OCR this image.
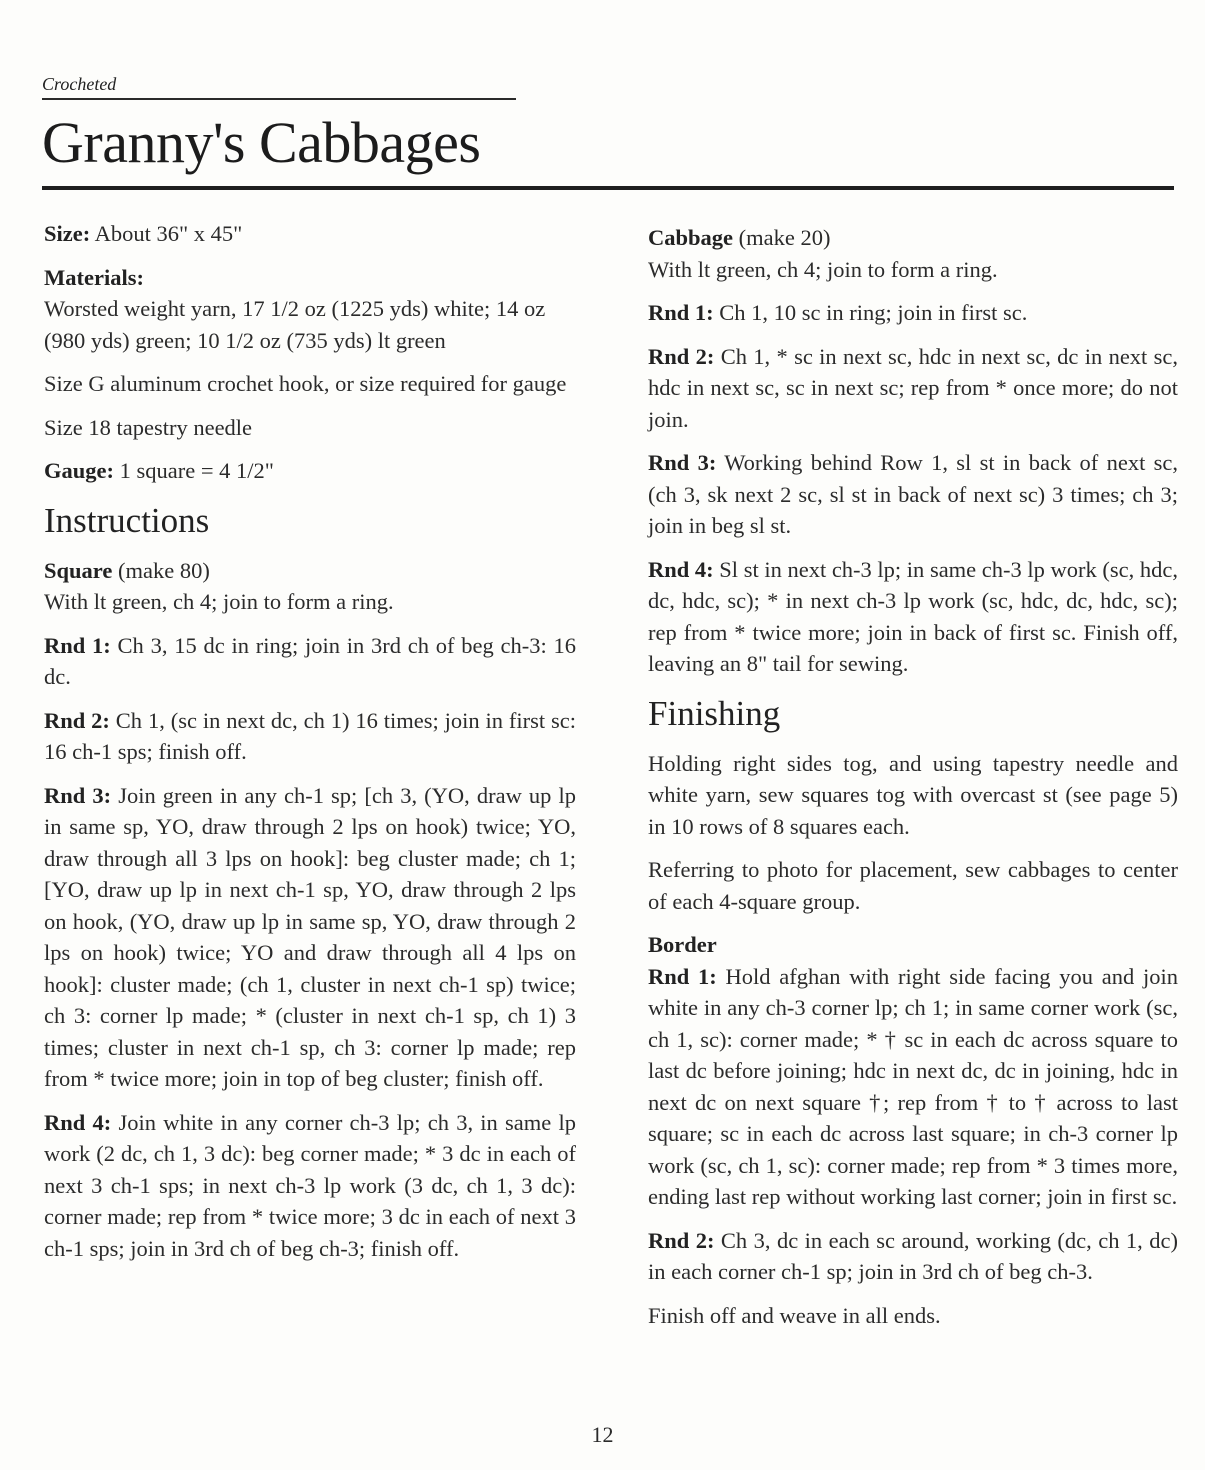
Crocheted
Granny's Cabbages

Size: About 36" x 45"

Materials:

Worsted weight yarn, 17 1/2 oz (1225 yds) white; 14 oz (980 yds) green; 10 1/2 oz (735 yds) lt green

Size G aluminum crochet hook, or size required for gauge

Size 18 tapestry needle

Gauge: 1 square = 4 1/2"

Instructions

Square (make 80)

With lt green, ch 4; join to form a ring.

Rnd 1: Ch 3, 15 dc in ring; join in 3rd ch of beg ch-3: 16 dc.

Rnd 2: Ch 1, (sc in next dc, ch 1) 16 times; join in first sc: 16 ch-1 sps; finish off.

Rnd 3: Join green in any ch-1 sp; [ch 3, (YO, draw up lp in same sp, YO, draw through 2 lps on hook) twice; YO, draw through all 3 lps on hook]: beg cluster made; ch 1; [YO, draw up lp in next ch-1 sp, YO, draw through 2 lps on hook, (YO, draw up lp in same sp, YO, draw through 2 lps on hook) twice; YO and draw through all 4 lps on hook]: cluster made; (ch 1, cluster in next ch-1 sp) twice; ch 3: corner lp made; * (cluster in next ch-1 sp, ch 1) 3 times; cluster in next ch-1 sp, ch 3: corner lp made; rep from * twice more; join in top of beg cluster; finish off.

Rnd 4: Join white in any corner ch-3 lp; ch 3, in same lp work (2 dc, ch 1, 3 dc): beg corner made; * 3 dc in each of next 3 ch-1 sps; in next ch-3 lp work (3 dc, ch 1, 3 dc): corner made; rep from * twice more; 3 dc in each of next 3 ch-1 sps; join in 3rd ch of beg ch-3; finish off.

Cabbage (make 20)

With lt green, ch 4; join to form a ring.

Rnd 1: Ch 1, 10 sc in ring; join in first sc.

Rnd 2: Ch 1, * sc in next sc, hdc in next sc, dc in next sc, hdc in next sc, sc in next sc; rep from * once more; do not join.

Rnd 3: Working behind Row 1, sl st in back of next sc, (ch 3, sk next 2 sc, sl st in back of next sc) 3 times; ch 3; join in beg sl st.

Rnd 4: Sl st in next ch-3 lp; in same ch-3 lp work (sc, hdc, dc, hdc, sc); * in next ch-3 lp work (sc, hdc, dc, hdc, sc); rep from * twice more; join in back of first sc. Finish off, leaving an 8" tail for sewing.

Finishing

Holding right sides tog, and using tapestry needle and white yarn, sew squares tog with overcast st (see page 5) in 10 rows of 8 squares each.

Referring to photo for placement, sew cabbages to center of each 4-square group.

Border

Rnd 1: Hold afghan with right side facing you and join white in any ch-3 corner lp; ch 1; in same corner work (sc, ch 1, sc): corner made; * † sc in each dc across square to last dc before joining; hdc in next dc, dc in joining, hdc in next dc on next square †; rep from † to † across to last square; sc in each dc across last square; in ch-3 corner lp work (sc, ch 1, sc): corner made; rep from * 3 times more, ending last rep without working last corner; join in first sc.

Rnd 2: Ch 3, dc in each sc around, working (dc, ch 1, dc) in each corner ch-1 sp; join in 3rd ch of beg ch-3.

Finish off and weave in all ends.

12
